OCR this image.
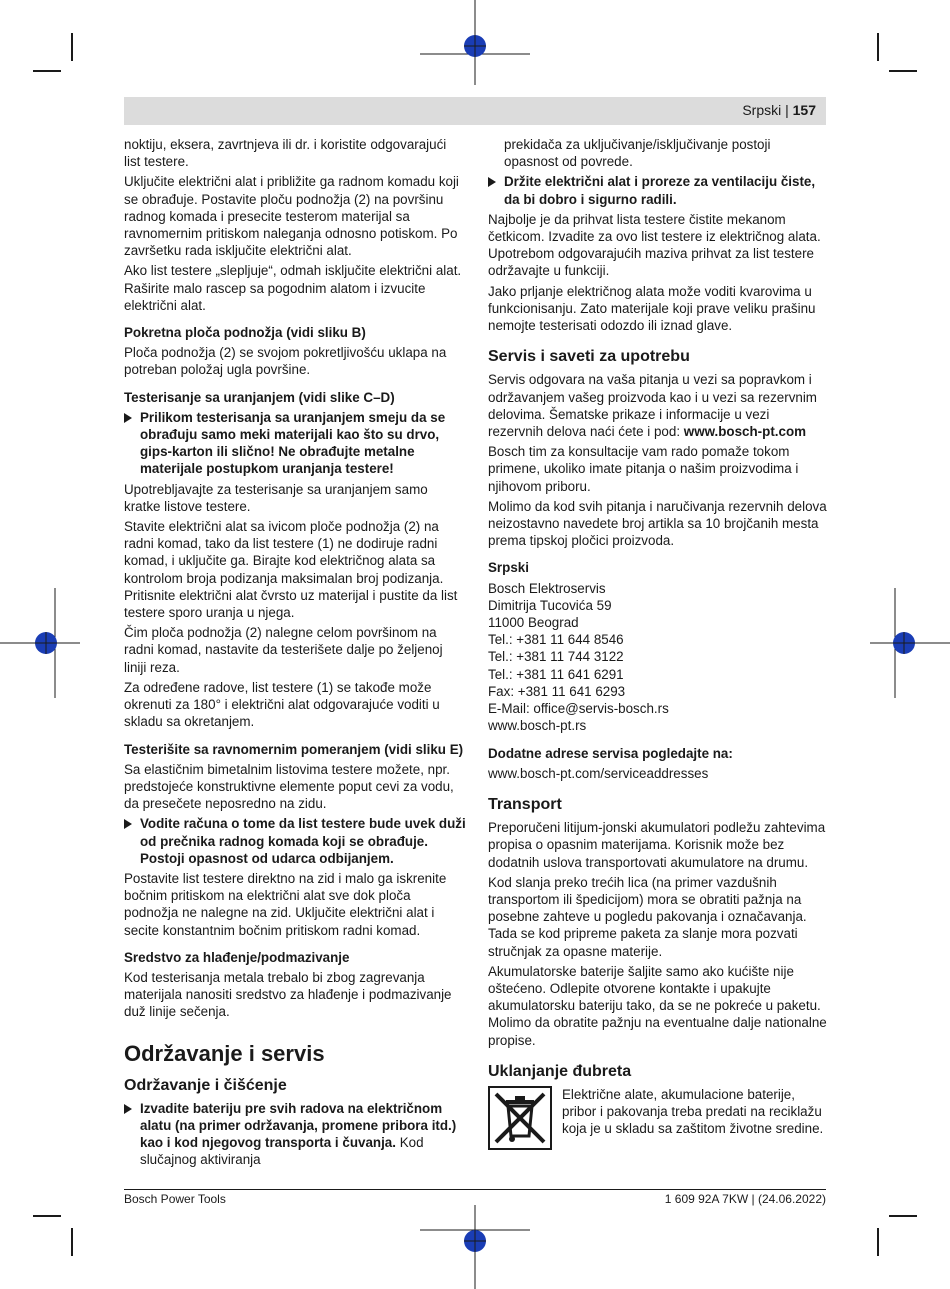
Srpski | 157

noktiju, eksera, zavrtnjeva ili dr. i koristite odgovarajući list testere.

Uključite električni alat i približite ga radnom komadu koji se obrađuje. Postavite ploču podnožja (2) na površinu radnog komada i presecite testerom materijal sa ravnomernim pritiskom naleganja odnosno potiskom. Po završetku rada isključite električni alat.

Ako list testere „slepljuje“, odmah isključite električni alat. Raširite malo rascep sa pogodnim alatom i izvucite električni alat.

Pokretna ploča podnožja (vidi sliku B)

Ploča podnožja (2) se svojom pokretljivošću uklapa na potreban položaj ugla površine.

Testerisanje sa uranjanjem (vidi slike C–D)
Prilikom testerisanja sa uranjanjem smeju da se obrađuju samo meki materijali kao što su drvo, gips-karton ili slično! Ne obrađujte metalne materijale postupkom uranjanja testere!

Upotrebljavajte za testerisanje sa uranjanjem samo kratke listove testere.

Stavite električni alat sa ivicom ploče podnožja (2) na radni komad, tako da list testere (1) ne dodiruje radni komad, i uključite ga. Birajte kod električnog alata sa kontrolom broja podizanja maksimalan broj podizanja. Pritisnite električni alat čvrsto uz materijal i pustite da list testere sporo uranja u njega.

Čim ploča podnožja (2) nalegne celom površinom na radni komad, nastavite da testerišete dalje po željenoj liniji reza.

Za određene radove, list testere (1) se takođe može okrenuti za 180° i električni alat odgovarajuće voditi u skladu sa okretanjem.

Testerišite sa ravnomernim pomeranjem (vidi sliku E)

Sa elastičnim bimetalnim listovima testere možete, npr. predstojeće konstruktivne elemente poput cevi za vodu, da presečete neposredno na zidu.

Vodite računa o tome da list testere bude uvek duži od prečnika radnog komada koji se obrađuje. Postoji opasnost od udarca odbijanjem.

Postavite list testere direktno na zid i malo ga iskrenite bočnim pritiskom na električni alat sve dok ploča podnožja ne nalegne na zid. Uključite električni alat i secite konstantnim bočnim pritiskom radni komad.

Sredstvo za hlađenje/podmazivanje

Kod testerisanja metala trebalo bi zbog zagrevanja materijala nanositi sredstvo za hlađenje i podmazivanje duž linije sečenja.

Održavanje i servis
Održavanje i čišćenje
Izvadite bateriju pre svih radova na električnom alatu (na primer održavanja, promene pribora itd.) kao i kod njegovog transporta i čuvanja. Kod slučajnog aktiviranja

prekidača za uključivanje/isključivanje postoji opasnost od povrede.

Držite električni alat i proreze za ventilaciju čiste, da bi dobro i sigurno radili.

Najbolje je da prihvat lista testere čistite mekanom četkicom. Izvadite za ovo list testere iz električnog alata. Upotrebom odgovarajućih maziva prihvat za list testere održavajte u funkciji.

Jako prljanje električnog alata može voditi kvarovima u funkcionisanju. Zato materijale koji prave veliku prašinu nemojte testerisati odozdo ili iznad glave.

Servis i saveti za upotrebu

Servis odgovara na vaša pitanja u vezi sa popravkom i održavanjem vašeg proizvoda kao i u vezi sa rezervnim delovima. Šematske prikaze i informacije u vezi rezervnih delova naći ćete i pod: www.bosch-pt.com

Bosch tim za konsultacije vam rado pomaže tokom primene, ukoliko imate pitanja o našim proizvodima i njihovom priboru.

Molimo da kod svih pitanja i naručivanja rezervnih delova neizostavno navedete broj artikla sa 10 brojčanih mesta prema tipskoj pločici proizvoda.

Srpski

Bosch Elektroservis

Dimitrija Tucovića 59

11000 Beograd

Tel.: +381 11 644 8546

Tel.: +381 11 744 3122

Tel.: +381 11 641 6291

Fax: +381 11 641 6293

E-Mail: office@servis-bosch.rs

www.bosch-pt.rs

Dodatne adrese servisa pogledajte na:

www.bosch-pt.com/serviceaddresses

Transport

Preporučeni litijum-jonski akumulatori podležu zahtevima propisa o opasnim materijama. Korisnik može bez dodatnih uslova transportovati akumulatore na drumu.

Kod slanja preko trećih lica (na primer vazdušnih transportom ili špedicijom) mora se obratiti pažnja na posebne zahteve u pogledu pakovanja i označavanja. Tada se kod pripreme paketa za slanje mora pozvati stručnjak za opasne materije.

Akumulatorske baterije šaljite samo ako kućište nije oštećeno. Odlepite otvorene kontakte i upakujte akumulatorsku bateriju tako, da se ne pokreće u paketu. Molimo da obratite pažnju na eventualne dalje nationalne propise.

Uklanjanje đubreta

Električne alate, akumulacione baterije, pribor i pakovanja treba predati na reciklažu koja je u skladu sa zaštitom životne sredine.

Bosch Power Tools	1 609 92A 7KW | (24.06.2022)
